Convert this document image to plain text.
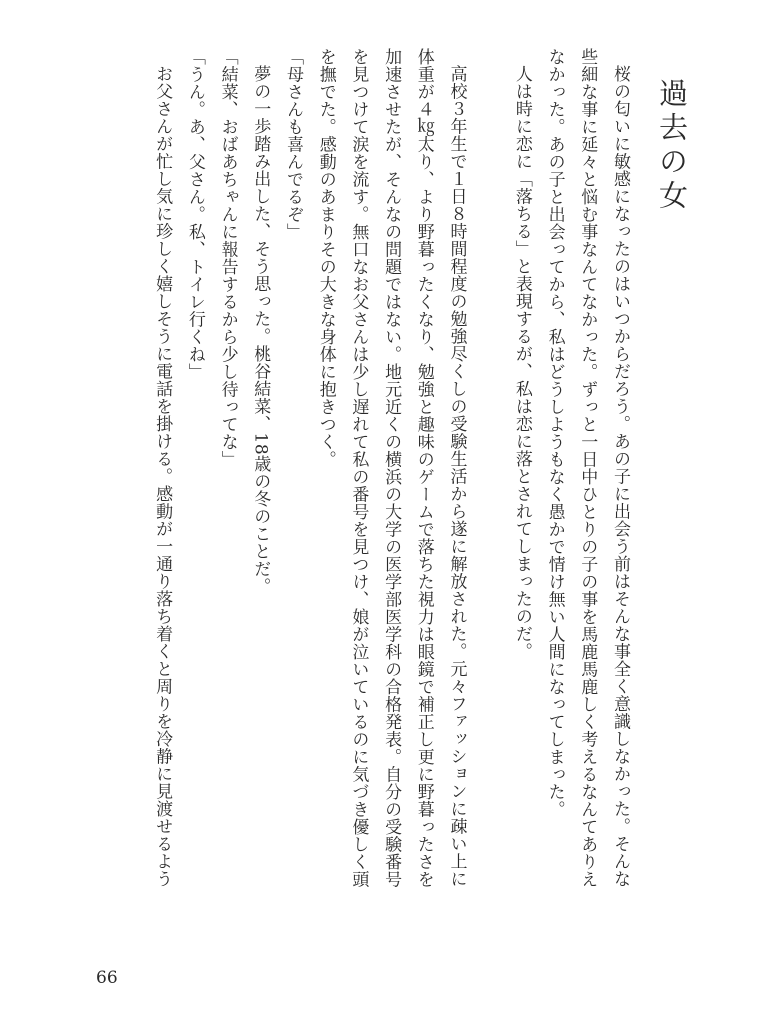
過去の女

桜の匂いに敏感になったのはいつからだろう。あの子に出会う前はそんな事全く意識しなかった。そんな

些細な事に延々と悩む事なんてなかった。ずっと一日中ひとりの子の事を馬鹿馬鹿しく考えるなんてありえ

なかった。あの子と出会ってから、私はどうしようもなく愚かで情け無い人間になってしまった。

人は時に恋に「落ちる」と表現するが、私は恋に落とされてしまったのだ。

高校３年生で１日８時間程度の勉強尽くしの受験生活から遂に解放された。元々ファッションに疎い上に

体重が４㎏太り、より野暮ったくなり、勉強と趣味のゲームで落ちた視力は眼鏡で補正し更に野暮ったさを

加速させたが、そんなの問題ではない。地元近くの横浜の大学の医学部医学科の合格発表。自分の受験番号

を見つけて涙を流す。無口なお父さんは少し遅れて私の番号を見つけ、娘が泣いているのに気づき優しく頭

を撫でた。感動のあまりその大きな身体に抱きつく。

「母さんも喜んでるぞ」

夢の一歩踏み出した、そう思った。桃谷結菜、18歳の冬のことだ。

「結菜、おばあちゃんに報告するから少し待ってな」

「うん。あ、父さん。私、トイレ行くね」

お父さんが忙し気に珍しく嬉しそうに電話を掛ける。感動が一通り落ち着くと周りを冷静に見渡せるよう

66
